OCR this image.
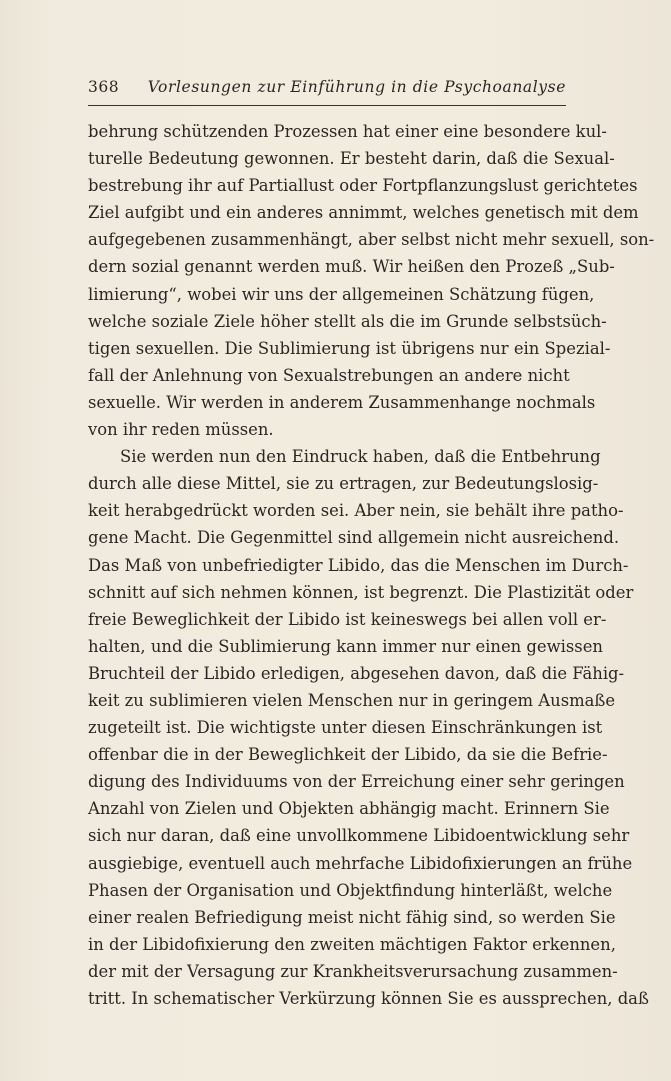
368	Vorlesungen zur Einführung in die Psychoanalyse
behrung schützenden Prozessen hat einer eine besondere kul-
turelle Bedeutung gewonnen. Er besteht darin, daß die Sexual-
bestrebung ihr auf Partiallust oder Fortpflanzungslust gerichtetes
Ziel aufgibt und ein anderes annimmt, welches genetisch mit dem
aufgegebenen zusammenhängt, aber selbst nicht mehr sexuell, son-
dern sozial genannt werden muß. Wir heißen den Prozeß „Sub-
limierung“, wobei wir uns der allgemeinen Schätzung fügen,
welche soziale Ziele höher stellt als die im Grunde selbstsüch-
tigen sexuellen. Die Sublimierung ist übrigens nur ein Spezial-
fall der Anlehnung von Sexualstrebungen an andere nicht
sexuelle. Wir werden in anderem Zusammenhange nochmals
von ihr reden müssen.
Sie werden nun den Eindruck haben, daß die Entbehrung
durch alle diese Mittel, sie zu ertragen, zur Bedeutungslosig-
keit herabgedrückt worden sei. Aber nein, sie behält ihre patho-
gene Macht. Die Gegenmittel sind allgemein nicht ausreichend.
Das Maß von unbefriedigter Libido, das die Menschen im Durch-
schnitt auf sich nehmen können, ist begrenzt. Die Plastizität oder
freie Beweglichkeit der Libido ist keineswegs bei allen voll er-
halten, und die Sublimierung kann immer nur einen gewissen
Bruchteil der Libido erledigen, abgesehen davon, daß die Fähig-
keit zu sublimieren vielen Menschen nur in geringem Ausmaße
zugeteilt ist. Die wichtigste unter diesen Einschränkungen ist
offenbar die in der Beweglichkeit der Libido, da sie die Befrie-
digung des Individuums von der Erreichung einer sehr geringen
Anzahl von Zielen und Objekten abhängig macht. Erinnern Sie
sich nur daran, daß eine unvollkommene Libidoentwicklung sehr
ausgiebige, eventuell auch mehrfache Libidofixierungen an frühe
Phasen der Organisation und Objektfindung hinterläßt, welche
einer realen Befriedigung meist nicht fähig sind, so werden Sie
in der Libidofixierung den zweiten mächtigen Faktor erkennen,
der mit der Versagung zur Krankheitsverursachung zusammen-
tritt. In schematischer Verkürzung können Sie es aussprechen, daß
